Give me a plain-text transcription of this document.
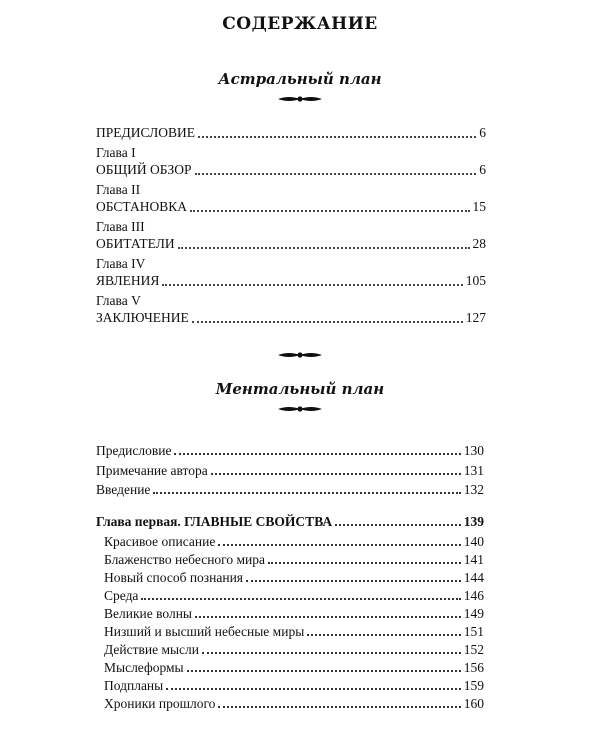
СОДЕРЖАНИЕ
Астральный план
ПРЕДИСЛОВИЕ	6
Глава I
ОБЩИЙ ОБЗОР	6
Глава II
ОБСТАНОВКА	15
Глава III
ОБИТАТЕЛИ	28
Глава IV
ЯВЛЕНИЯ	105
Глава V
ЗАКЛЮЧЕНИЕ	127
Ментальный план
Предисловие	130
Примечание автора	131
Введение	132
Глава первая. ГЛАВНЫЕ СВОЙСТВА	139
Красивое описание	140
Блаженство небесного мира	141
Новый способ познания	144
Среда	146
Великие волны	149
Низший и высший небесные миры	151
Действие мысли	152
Мыслеформы	156
Подпланы	159
Хроники прошлого	160
